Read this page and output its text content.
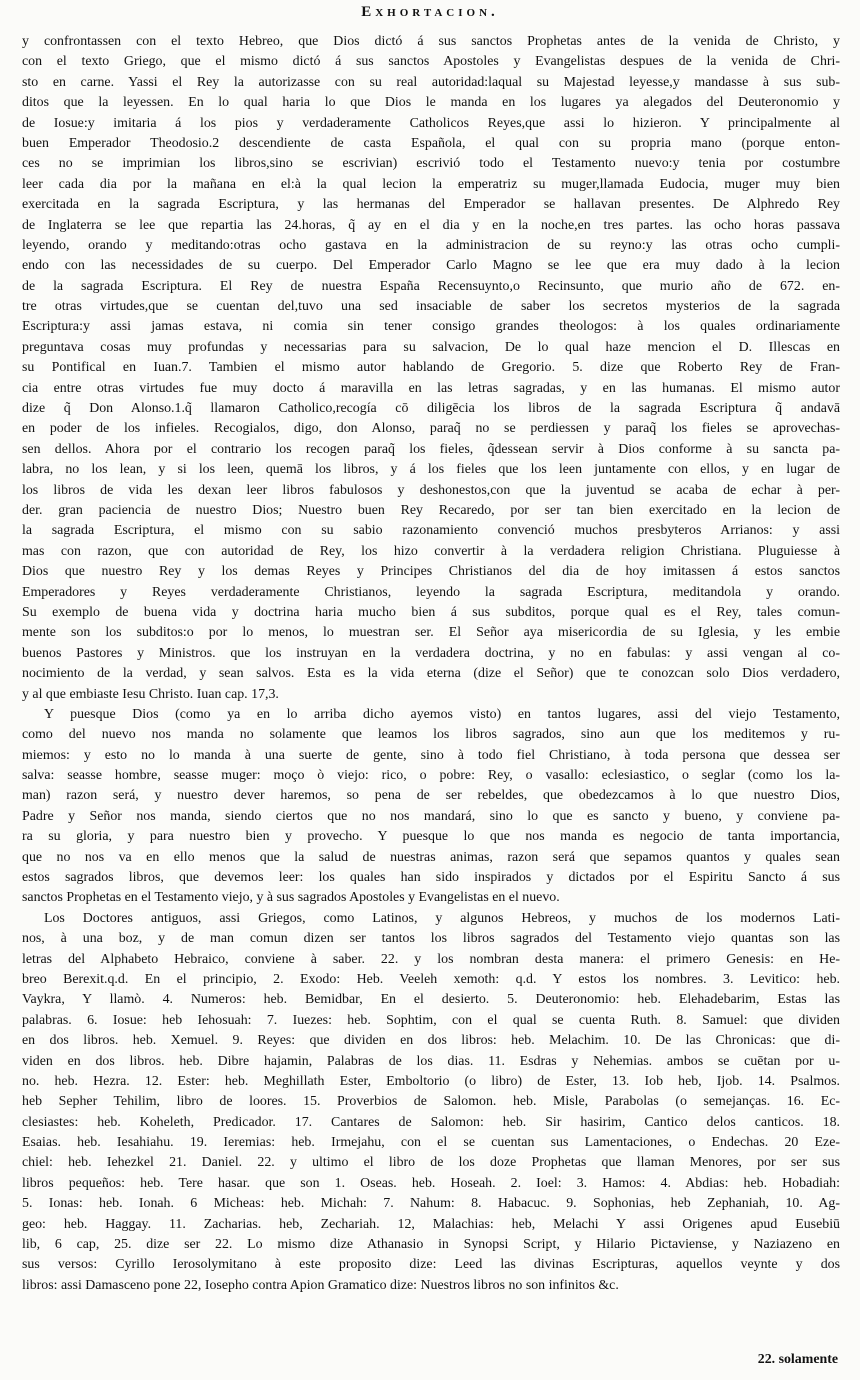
Exhortacion.
y confrontassen con el texto Hebreo, que Dios dictó á sus sanctos Prophetas antes de la venida de Christo, y
con el texto Griego, que el mismo dictó á sus sanctos Apostoles y Evangelistas despues de la venida de Chri-
sto en carne. Yassi el Rey la autorizasse con su real autoridad:laqual su Majestad leyesse,y mandasse à sus sub-
ditos que la leyessen. En lo qual haria lo que Dios le manda en los lugares ya alegados del Deuteronomio y
de Iosue:y imitaria á los pios y verdaderamente Catholicos Reyes,que assi lo hizieron. Y principalmente al
buen Emperador Theodosio.2 descendiente de casta Española, el qual con su propria mano (porque enton-
ces no se imprimian los libros,sino se escrivian) escrivió todo el Testamento nuevo:y tenia por costumbre
leer cada dia por la mañana en el:à la qual lecion la emperatriz su muger,llamada Eudocia, muger muy bien
exercitada en la sagrada Escriptura, y las hermanas del Emperador se hallavan presentes. De Alphredo Rey
de Inglaterra se lee que repartia las 24.horas, q̃ ay en el dia y en la noche,en tres partes. las ocho horas passava
leyendo, orando y meditando:otras ocho gastava en la administracion de su reyno:y las otras ocho cumpli-
endo con las necessidades de su cuerpo. Del Emperador Carlo Magno se lee que era muy dado à la lecion
de la sagrada Escriptura. El Rey de nuestra España Recensuynto,o Recinsunto, que murio año de 672. en-
tre otras virtudes,que se cuentan del,tuvo una sed insaciable de saber los secretos mysterios de la sagrada
Escriptura:y assi jamas estava, ni comia sin tener consigo grandes theologos: à los quales ordinariamente
preguntava cosas muy profundas y necessarias para su salvacion, De lo qual haze mencion el D. Illescas en
su Pontifical en Iuan.7. Tambien el mismo autor hablando de Gregorio. 5. dize que Roberto Rey de Fran-
cia entre otras virtudes fue muy docto á maravilla en las letras sagradas, y en las humanas. El mismo autor
dize q̃ Don Alonso.1.q̃ llamaron Catholico,recogía cō diligēcia los libros de la sagrada Escriptura q̃ andavā
en poder de los infieles. Recogialos, digo, don Alonso, paraq̃ no se perdiessen y paraq̃ los fieles se aprovechas-
sen dellos. Ahora por el contrario los recogen paraq̃ los fieles, q̃dessean servir à Dios conforme à su sancta pa-
labra, no los lean, y si los leen, quemā los libros, y á los fieles que los leen juntamente con ellos, y en lugar de
los libros de vida les dexan leer libros fabulosos y deshonestos,con que la juventud se acaba de echar à per-
der. gran paciencia de nuestro Dios; Nuestro buen Rey Recaredo, por ser tan bien exercitado en la lecion de
la sagrada Escriptura, el mismo con su sabio razonamiento convenció muchos presbyteros Arrianos: y assi
mas con razon, que con autoridad de Rey, los hizo convertir à la verdadera religion Christiana. Pluguiesse à
Dios que nuestro Rey y los demas Reyes y Principes Christianos del dia de hoy imitassen á estos sanctos
Emperadores y Reyes verdaderamente Christianos, leyendo la sagrada Escriptura, meditandola y orando.
Su exemplo de buena vida y doctrina haria mucho bien á sus subditos, porque qual es el Rey, tales comun-
mente son los subditos:o por lo menos, lo muestran ser. El Señor aya misericordia de su Iglesia, y les embie
buenos Pastores y Ministros. que los instruyan en la verdadera doctrina, y no en fabulas: y assi vengan al co-
nocimiento de la verdad, y sean salvos. Esta es la vida eterna (dize el Señor) que te conozcan solo Dios verdadero,
y al que embiaste Iesu Christo. Iuan cap. 17,3.
Y puesque Dios (como ya en lo arriba dicho ayemos visto) en tantos lugares, assi del viejo Testamento,
como del nuevo nos manda no solamente que leamos los libros sagrados, sino aun que los meditemos y ru-
miemos: y esto no lo manda à una suerte de gente, sino à todo fiel Christiano, à toda persona que dessea ser
salva: seasse hombre, seasse muger: moço ò viejo: rico, o pobre: Rey, o vasallo: eclesiastico, o seglar (como los la-
man) razon será, y nuestro dever haremos, so pena de ser rebeldes, que obedezcamos à lo que nuestro Dios,
Padre y Señor nos manda, siendo ciertos que no nos mandará, sino lo que es sancto y bueno, y conviene pa-
ra su gloria, y para nuestro bien y provecho. Y puesque lo que nos manda es negocio de tanta importancia,
que no nos va en ello menos que la salud de nuestras animas, razon será que sepamos quantos y quales sean
estos sagrados libros, que devemos leer: los quales han sido inspirados y dictados por el Espiritu Sancto á sus
sanctos Prophetas en el Testamento viejo, y à sus sagrados Apostoles y Evangelistas en el nuevo.
Los Doctores antiguos, assi Griegos, como Latinos, y algunos Hebreos, y muchos de los modernos Lati-
nos, à una boz, y de man comun dizen ser tantos los libros sagrados del Testamento viejo quantas son las
letras del Alphabeto Hebraico, conviene à saber. 22. y los nombran desta manera: el primero Genesis: en He-
breo Berexit.q.d. En el principio, 2. Exodo: Heb. Veeleh xemoth: q.d. Y estos los nombres. 3. Levitico: heb.
Vaykra, Y llamò. 4. Numeros: heb. Bemidbar, En el desierto. 5. Deuteronomio: heb. Elehadebarim, Estas las
palabras. 6. Iosue: heb Iehosuah: 7. Iuezes: heb. Sophtim, con el qual se cuenta Ruth. 8. Samuel: que dividen
en dos libros. heb. Xemuel. 9. Reyes: que dividen en dos libros: heb. Melachim. 10. De las Chronicas: que di-
viden en dos libros. heb. Dibre hajamin, Palabras de los dias. 11. Esdras y Nehemias. ambos se cuētan por u-
no. heb. Hezra. 12. Ester: heb. Meghillath Ester, Emboltorio (o libro) de Ester, 13. Iob heb, Ijob. 14. Psalmos.
heb Sepher Tehilim, libro de loores. 15. Proverbios de Salomon. heb. Misle, Parabolas (o semejanças. 16. Ec-
clesiastes: heb. Koheleth, Predicador. 17. Cantares de Salomon: heb. Sir hasirim, Cantico delos canticos. 18.
Esaias. heb. Iesahiahu. 19. Ieremias: heb. Irmejahu, con el se cuentan sus Lamentaciones, o Endechas. 20 Eze-
chiel: heb. Iehezkel 21. Daniel. 22. y ultimo el libro de los doze Prophetas que llaman Menores, por ser sus
libros pequeños: heb. Tere hasar. que son 1. Oseas. heb. Hoseah. 2. Ioel: 3. Hamos: 4. Abdias: heb. Hobadiah:
5. Ionas: heb. Ionah. 6 Micheas: heb. Michah: 7. Nahum: 8. Habacuc. 9. Sophonias, heb Zephaniah, 10. Ag-
geo: heb. Haggay. 11. Zacharias. heb, Zechariah. 12, Malachias: heb, Melachi Y assi Origenes apud Eusebiū
lib, 6 cap, 25. dize ser 22. Lo mismo dize Athanasio in Synopsi Script, y Hilario Pictaviense, y Naziazeno en
sus versos: Cyrillo Ierosolymitano à este proposito dize: Leed las divinas Escripturas, aquellos veynte y dos
libros: assi Damasceno pone 22, Iosepho contra Apion Gramatico dize: Nuestros libros no son infinitos &c.
22. solamente
